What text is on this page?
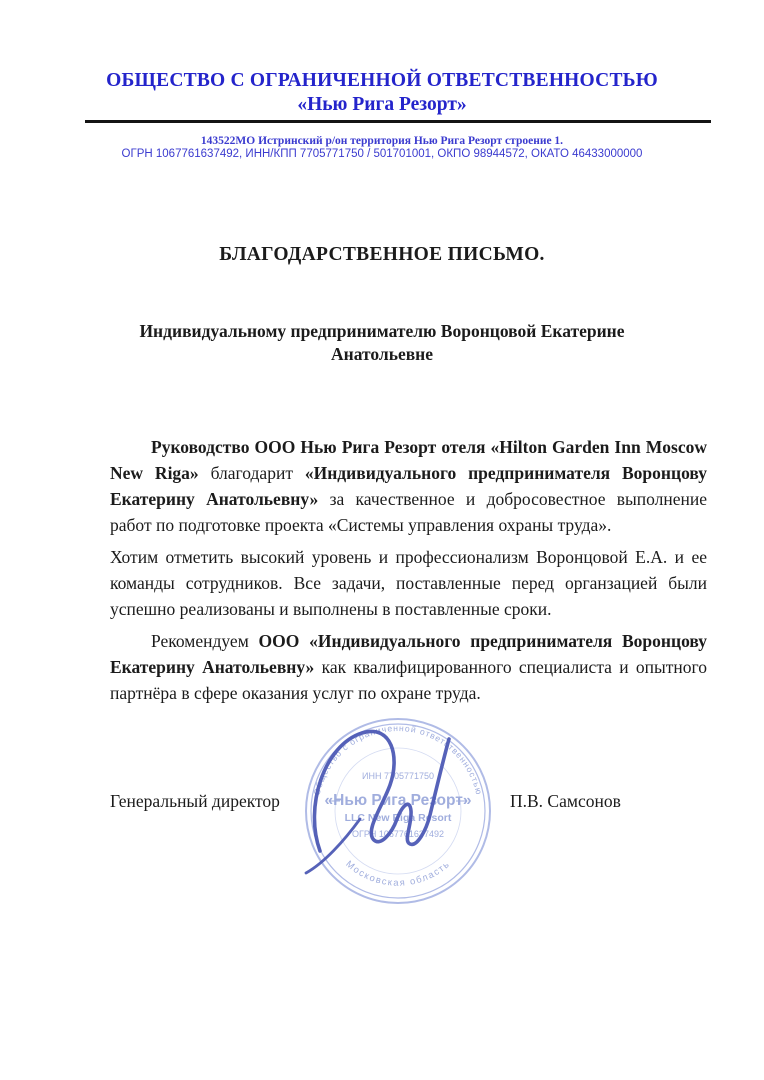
ОБЩЕСТВО С ОГРАНИЧЕННОЙ ОТВЕТСТВЕННОСТЬЮ
«Нью Рига Резорт»
143522МО Истринский р/он территория Нью Рига Резорт строение 1.
ОГРН 1067761637492, ИНН/КПП 7705771750 / 501701001, ОКПО 98944572, ОКАТО 46433000000
БЛАГОДАРСТВЕННОЕ ПИСЬМО.
Индивидуальному предпринимателю Воронцовой Екатерине Анатольевне

Руководство ООО Нью Рига Резорт отеля «Hilton Garden Inn Moscow New Riga» благодарит «Индивидуального предпринимателя Воронцову Екатерину Анатольевну» за качественное и добросовестное выполнение работ по подготовке проекта «Системы управления охраны труда».

Хотим отметить высокий уровень и профессионализм Воронцовой Е.А. и ее команды сотрудников. Все задачи, поставленные перед органзацией были успешно реализованы и выполнены в поставленные сроки.

Рекомендуем ООО «Индивидуального предпринимателя Воронцову Екатерину Анатольевну» как квалифицированного специалиста и опытного партнёра в сфере оказания услуг по охране труда.

Общество с ограниченной ответственностью
Московская область
ИНН 7705771750
«Нью Рига Резорт»
LLC New Riga Resort
ОГРН 1067761637492
Генеральный директор	П.В. Самсонов
